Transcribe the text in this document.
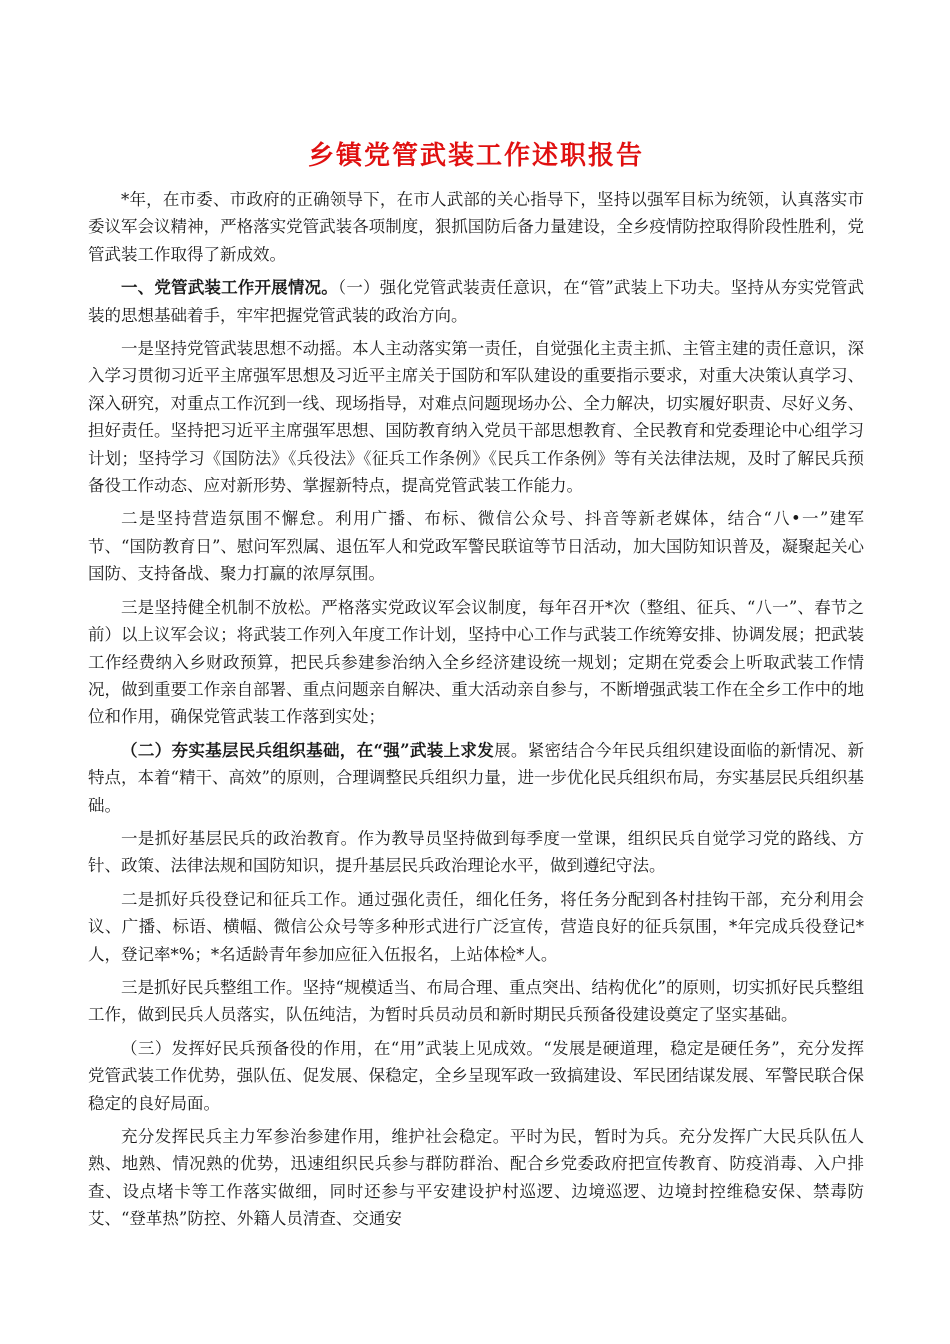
乡镇党管武装工作述职报告

*年，在市委、市政府的正确领导下，在市人武部的关心指导下，坚持以强军目标为统领，认真落实市委议军会议精神，严格落实党管武装各项制度，狠抓国防后备力量建设，全乡疫情防控取得阶段性胜利，党管武装工作取得了新成效。

一、党管武装工作开展情况。（一）强化党管武装责任意识，在“管”武装上下功夫。坚持从夯实党管武装的思想基础着手，牢牢把握党管武装的政治方向。

一是坚持党管武装思想不动摇。本人主动落实第一责任，自觉强化主责主抓、主管主建的责任意识，深入学习贯彻习近平主席强军思想及习近平主席关于国防和军队建设的重要指示要求，对重大决策认真学习、深入研究，对重点工作沉到一线、现场指导，对难点问题现场办公、全力解决，切实履好职责、尽好义务、担好责任。坚持把习近平主席强军思想、国防教育纳入党员干部思想教育、全民教育和党委理论中心组学习计划；坚持学习《国防法》《兵役法》《征兵工作条例》《民兵工作条例》等有关法律法规，及时了解民兵预备役工作动态、应对新形势、掌握新特点，提高党管武装工作能力。

二是坚持营造氛围不懈怠。利用广播、布标、微信公众号、抖音等新老媒体，结合“八•一”建军节、“国防教育日”、慰问军烈属、退伍军人和党政军警民联谊等节日活动，加大国防知识普及，凝聚起关心国防、支持备战、聚力打赢的浓厚氛围。

三是坚持健全机制不放松。严格落实党政议军会议制度，每年召开*次（整组、征兵、“八一”、春节之前）以上议军会议；将武装工作列入年度工作计划，坚持中心工作与武装工作统筹安排、协调发展；把武装工作经费纳入乡财政预算，把民兵参建参治纳入全乡经济建设统一规划；定期在党委会上听取武装工作情况，做到重要工作亲自部署、重点问题亲自解决、重大活动亲自参与，不断增强武装工作在全乡工作中的地位和作用，确保党管武装工作落到实处；

（二）夯实基层民兵组织基础，在“强”武装上求发展。紧密结合今年民兵组织建设面临的新情况、新特点，本着“精干、高效”的原则，合理调整民兵组织力量，进一步优化民兵组织布局，夯实基层民兵组织基础。

一是抓好基层民兵的政治教育。作为教导员坚持做到每季度一堂课，组织民兵自觉学习党的路线、方针、政策、法律法规和国防知识，提升基层民兵政治理论水平，做到遵纪守法。

二是抓好兵役登记和征兵工作。通过强化责任，细化任务，将任务分配到各村挂钩干部，充分利用会议、广播、标语、横幅、微信公众号等多种形式进行广泛宣传，营造良好的征兵氛围，*年完成兵役登记*人，登记率*%；*名适龄青年参加应征入伍报名，上站体检*人。

三是抓好民兵整组工作。坚持“规模适当、布局合理、重点突出、结构优化”的原则，切实抓好民兵整组工作，做到民兵人员落实，队伍纯洁，为暂时兵员动员和新时期民兵预备役建设奠定了坚实基础。

（三）发挥好民兵预备役的作用，在“用”武装上见成效。“发展是硬道理，稳定是硬任务”，充分发挥党管武装工作优势，强队伍、促发展、保稳定，全乡呈现军政一致搞建设、军民团结谋发展、军警民联合保稳定的良好局面。

充分发挥民兵主力军参治参建作用，维护社会稳定。平时为民，暂时为兵。充分发挥广大民兵队伍人熟、地熟、情况熟的优势，迅速组织民兵参与群防群治、配合乡党委政府把宣传教育、防疫消毒、入户排查、设点堵卡等工作落实做细，同时还参与平安建设护村巡逻、边境巡逻、边境封控维稳安保、禁毒防艾、“登革热”防控、外籍人员清查、交通安
